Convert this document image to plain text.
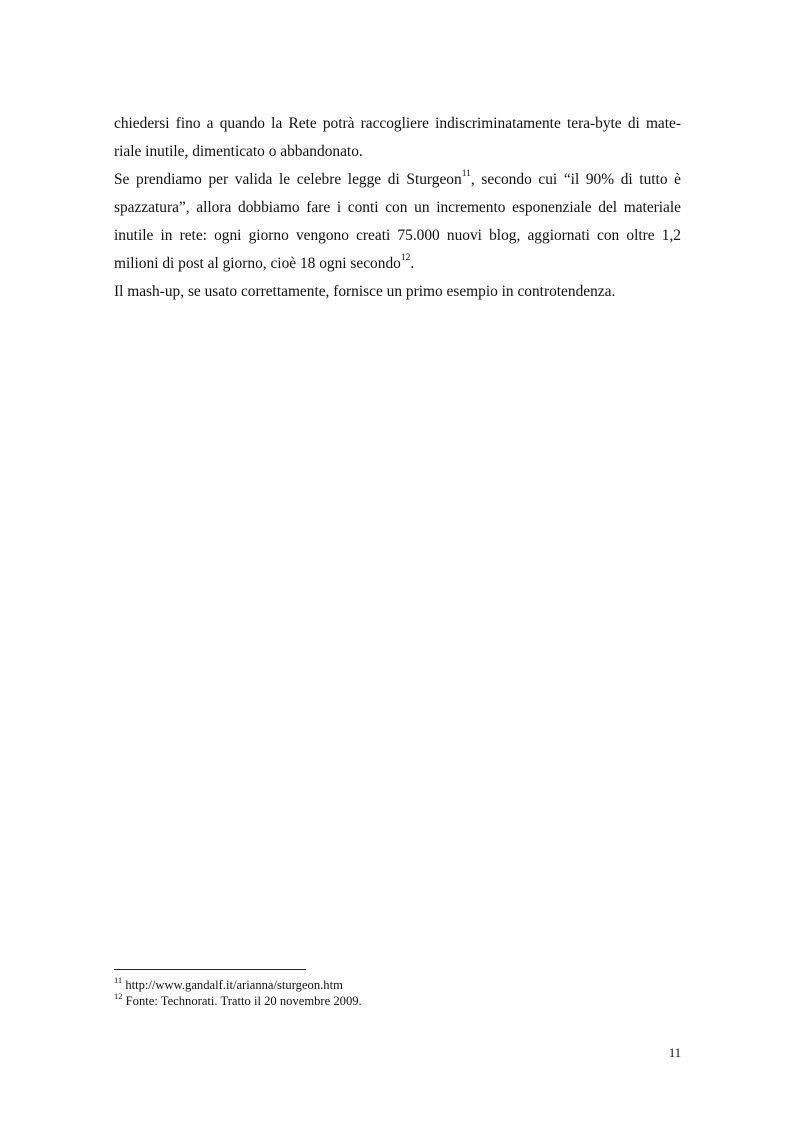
chiedersi fino a quando la Rete potrà raccogliere indiscriminatamente tera-byte di mate-
riale inutile, dimenticato o abbandonato.
Se prendiamo per valida le celebre legge di Sturgeon$^{11}$, secondo cui “il 90% di tutto è
spazzatura”, allora dobbiamo fare i conti con un incremento esponenziale del materiale
inutile in rete: ogni giorno vengono creati 75.000 nuovi blog, aggiornati con oltre 1,2
milioni di post al giorno, cioè 18 ogni secondo$^{12}$.
Il mash-up, se usato correttamente, fornisce un primo esempio in controtendenza.
$^{11}$ http://www.gandalf.it/arianna/sturgeon.htm
$^{12}$ Fonte: Technorati. Tratto il 20 novembre 2009.
11
